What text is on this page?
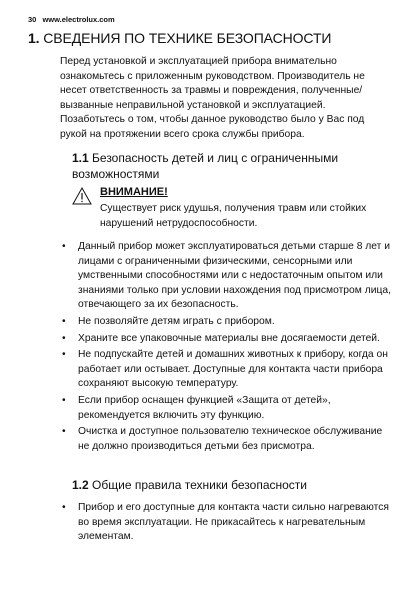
30 www.electrolux.com
1. СВЕДЕНИЯ ПО ТЕХНИКЕ БЕЗОПАСНОСТИ
Перед установкой и эксплуатацией прибора внимательно ознакомьтесь с приложенным руководством. Производитель не несет ответственность за травмы и повреждения, полученные/вызванные неправильной установкой и эксплуатацией. Позаботьтесь о том, чтобы данное руководство было у Вас под рукой на протяжении всего срока службы прибора.
1.1 Безопасность детей и лиц с ограниченными возможностями
ВНИМАНИЕ!
Существует риск удушья, получения травм или стойких нарушений нетрудоспособности.
• Данный прибор может эксплуатироваться детьми старше 8 лет и лицами с ограниченными физическими, сенсорными или умственными способностями или с недостаточным опытом или знаниями только при условии нахождения под присмотром лица, отвечающего за их безопасность.
• Не позволяйте детям играть с прибором.
• Храните все упаковочные материалы вне досягаемости детей.
• Не подпускайте детей и домашних животных к прибору, когда он работает или остывает. Доступные для контакта части прибора сохраняют высокую температуру.
• Если прибор оснащен функцией «Защита от детей», рекомендуется включить эту функцию.
• Очистка и доступное пользователю техническое обслуживание не должно производиться детьми без присмотра.
1.2 Общие правила техники безопасности
• Прибор и его доступные для контакта части сильно нагреваются во время эксплуатации. Не прикасайтесь к нагревательным элементам.
